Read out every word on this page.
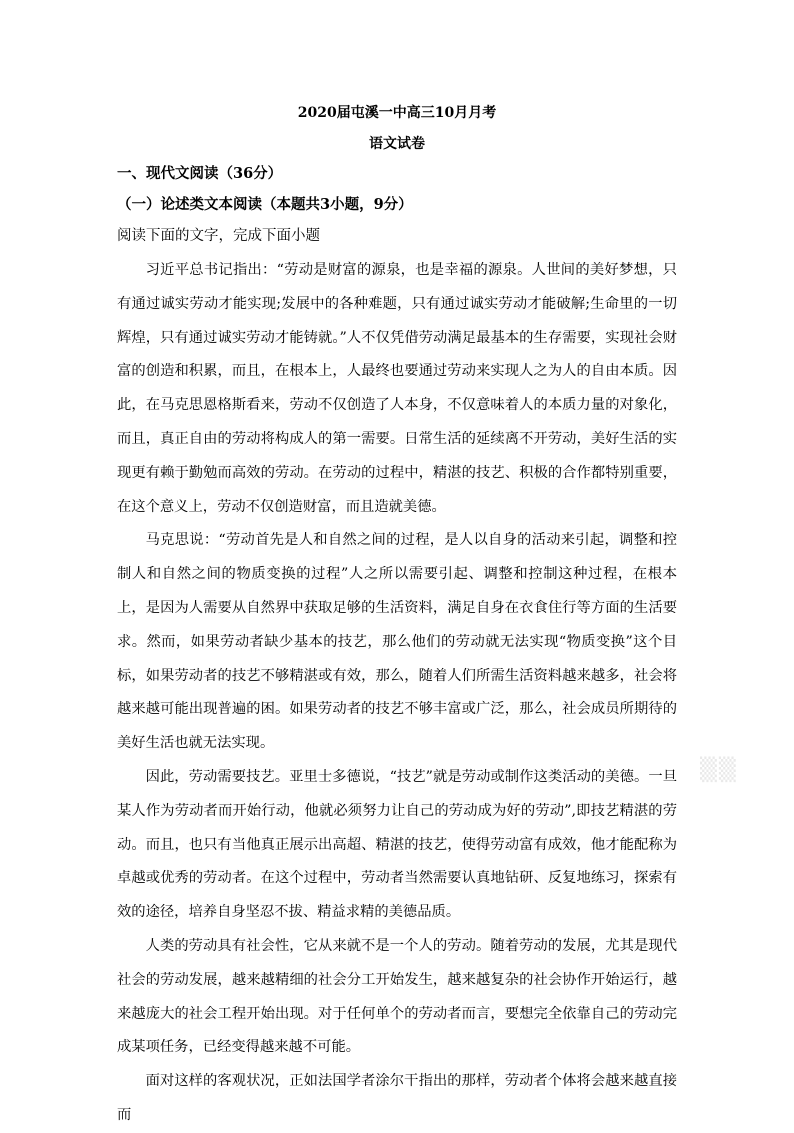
2020届屯溪一中高三10月月考
语文试卷
一、现代文阅读（36分）
（一）论述类文本阅读（本题共3小题，9分）
阅读下面的文字，完成下面小题

习近平总书记指出：“劳动是财富的源泉，也是幸福的源泉。人世间的美好梦想，只有通过诚实劳动才能实现;发展中的各种难题，只有通过诚实劳动才能破解;生命里的一切辉煌，只有通过诚实劳动才能铸就。”人不仅凭借劳动满足最基本的生存需要，实现社会财富的创造和积累，而且，在根本上，人最终也要通过劳动来实现人之为人的自由本质。因此，在马克思恩格斯看来，劳动不仅创造了人本身，不仅意味着人的本质力量的对象化，而且，真正自由的劳动将构成人的第一需要。日常生活的延续离不开劳动，美好生活的实现更有赖于勤勉而高效的劳动。在劳动的过程中，精湛的技艺、积极的合作都特别重要，在这个意义上，劳动不仅创造财富，而且造就美德。

马克思说：“劳动首先是人和自然之间的过程，是人以自身的活动来引起，调整和控制人和自然之间的物质变换的过程”人之所以需要引起、调整和控制这种过程，在根本上，是因为人需要从自然界中获取足够的生活资料，满足自身在衣食住行等方面的生活要求。然而，如果劳动者缺少基本的技艺，那么他们的劳动就无法实现“物质变换”这个目标，如果劳动者的技艺不够精湛或有效，那么，随着人们所需生活资料越来越多，社会将越来越可能出现普遍的困。如果劳动者的技艺不够丰富或广泛，那么，社会成员所期待的美好生活也就无法实现。

因此，劳动需要技艺。亚里士多德说，“技艺”就是劳动或制作这类活动的美德。一旦某人作为劳动者而开始行动，他就必须努力让自己的劳动成为好的劳动”,即技艺精湛的劳动。而且，也只有当他真正展示出高超、精湛的技艺，使得劳动富有成效，他才能配称为卓越或优秀的劳动者。在这个过程中，劳动者当然需要认真地钻研、反复地练习，探索有效的途径，培养自身坚忍不拔、精益求精的美德品质。

人类的劳动具有社会性，它从来就不是一个人的劳动。随着劳动的发展，尤其是现代社会的劳动发展，越来越精细的社会分工开始发生，越来越复杂的社会协作开始运行，越来越庞大的社会工程开始出现。对于任何单个的劳动者而言，要想完全依靠自己的劳动完成某项任务，已经变得越来越不可能。

面对这样的客观状况，正如法国学者涂尔干指出的那样，劳动者个体将会越来越直接而

▒▒
